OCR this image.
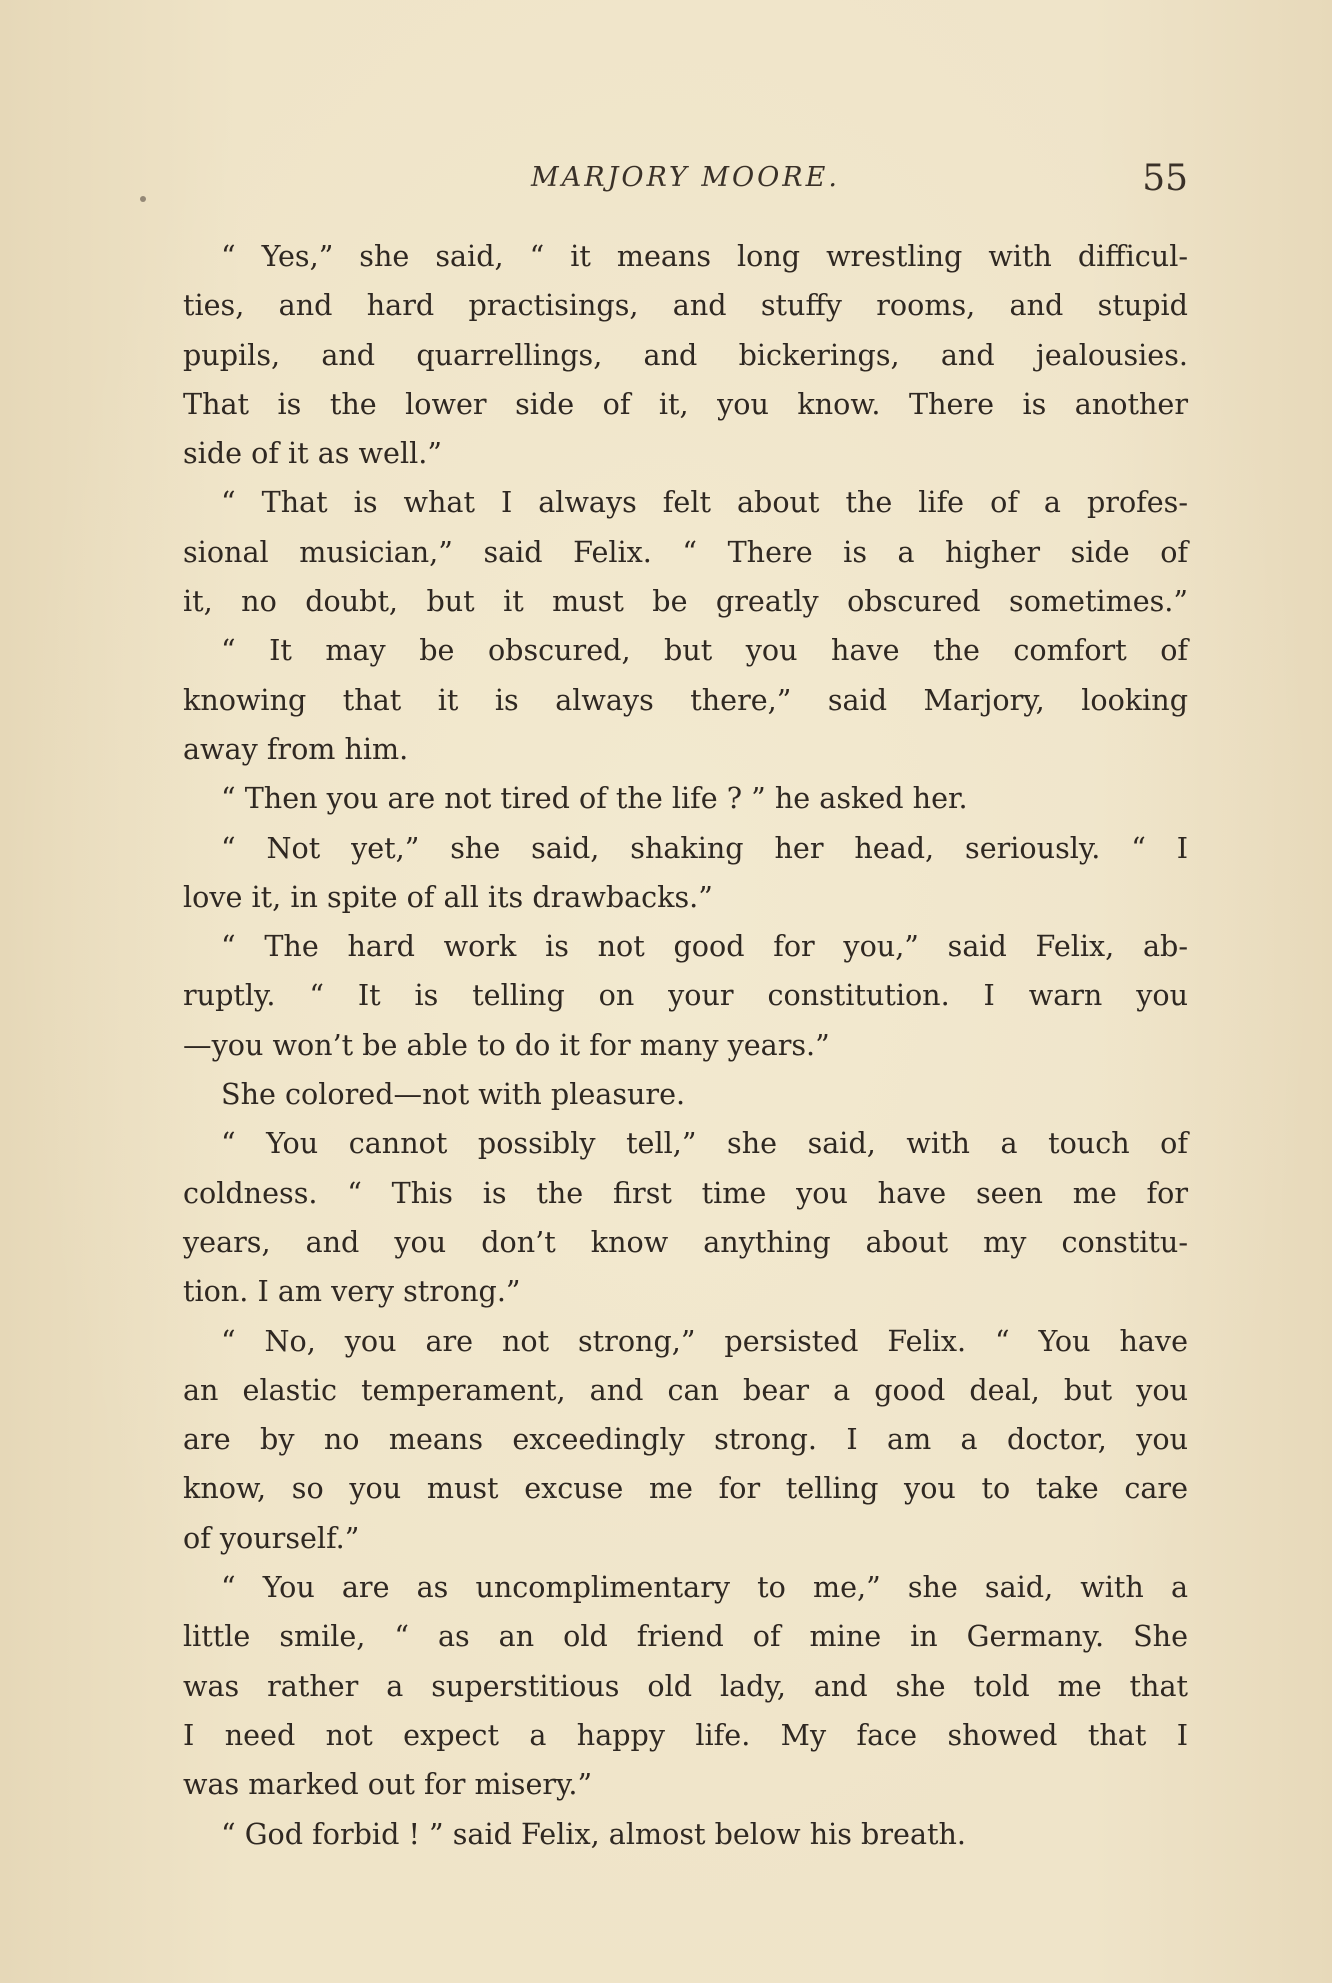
MARJORY MOORE.	55
“ Yes,” she said, “ it means long wrestling with difficul-
ties, and hard practisings, and stuffy rooms, and stupid
pupils, and quarrellings, and bickerings, and jealousies.
That is the lower side of it, you know. There is another
side of it as well.”
“ That is what I always felt about the life of a profes-
sional musician,” said Felix. “ There is a higher side of
it, no doubt, but it must be greatly obscured sometimes.”
“ It may be obscured, but you have the comfort of
knowing that it is always there,” said Marjory, looking
away from him.
“ Then you are not tired of the life ? ” he asked her.
“ Not yet,” she said, shaking her head, seriously. “ I
love it, in spite of all its drawbacks.”
“ The hard work is not good for you,” said Felix, ab-
ruptly. “ It is telling on your constitution. I warn you
—you won’t be able to do it for many years.”
She colored—not with pleasure.
“ You cannot possibly tell,” she said, with a touch of
coldness. “ This is the first time you have seen me for
years, and you don’t know anything about my constitu-
tion. I am very strong.”
“ No, you are not strong,” persisted Felix. “ You have
an elastic temperament, and can bear a good deal, but you
are by no means exceedingly strong. I am a doctor, you
know, so you must excuse me for telling you to take care
of yourself.”
“ You are as uncomplimentary to me,” she said, with a
little smile, “ as an old friend of mine in Germany. She
was rather a superstitious old lady, and she told me that
I need not expect a happy life. My face showed that I
was marked out for misery.”
“ God forbid ! ” said Felix, almost below his breath.
